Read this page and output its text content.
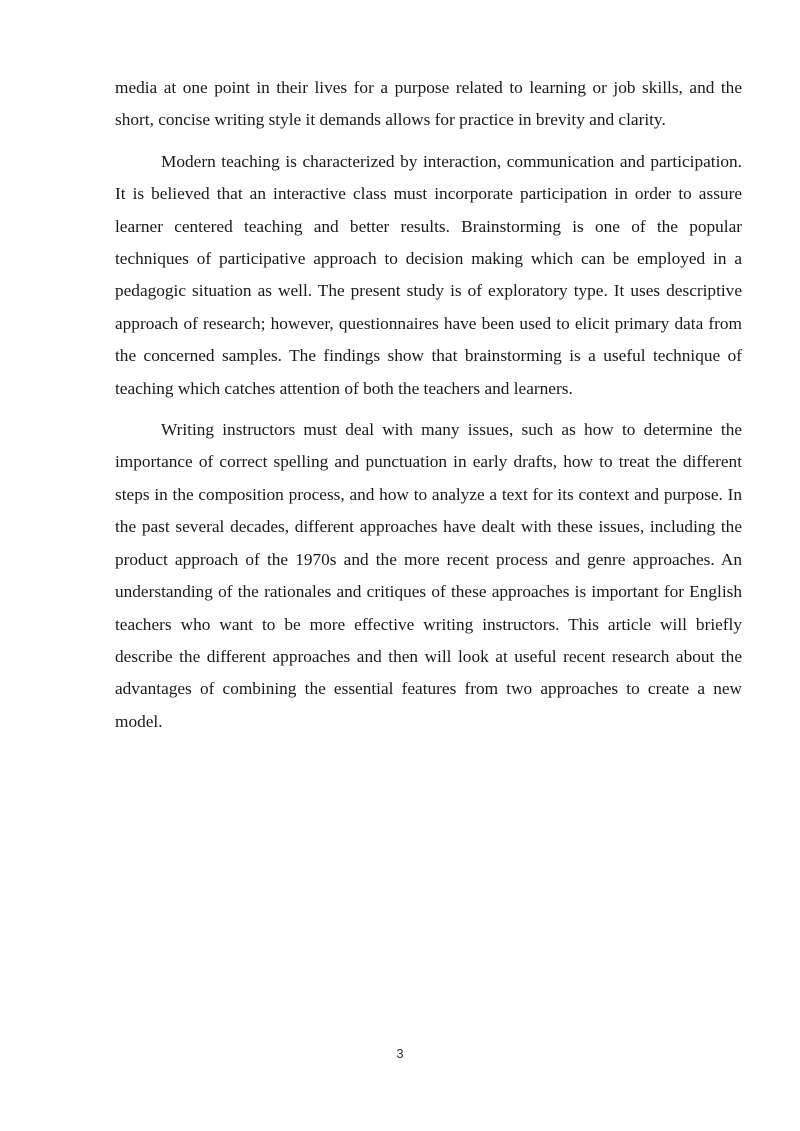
media at one point in their lives for a purpose related to learning or job skills, and the short, concise writing style it demands allows for practice in brevity and clarity.

Modern teaching is characterized by interaction, communication and participation. It is believed that an interactive class must incorporate participation in order to assure learner centered teaching and better results. Brainstorming is one of the popular techniques of participative approach to decision making which can be employed in a pedagogic situation as well. The present study is of exploratory type. It uses descriptive approach of research; however, questionnaires have been used to elicit primary data from the concerned samples. The findings show that brainstorming is a useful technique of teaching which catches attention of both the teachers and learners.

Writing instructors must deal with many issues, such as how to determine the importance of correct spelling and punctuation in early drafts, how to treat the different steps in the composition process, and how to analyze a text for its context and purpose. In the past several decades, different approaches have dealt with these issues, including the product approach of the 1970s and the more recent process and genre approaches. An understanding of the rationales and critiques of these approaches is important for English teachers who want to be more effective writing instructors. This article will briefly describe the different approaches and then will look at useful recent research about the advantages of combining the essential features from two approaches to create a new model.

3
